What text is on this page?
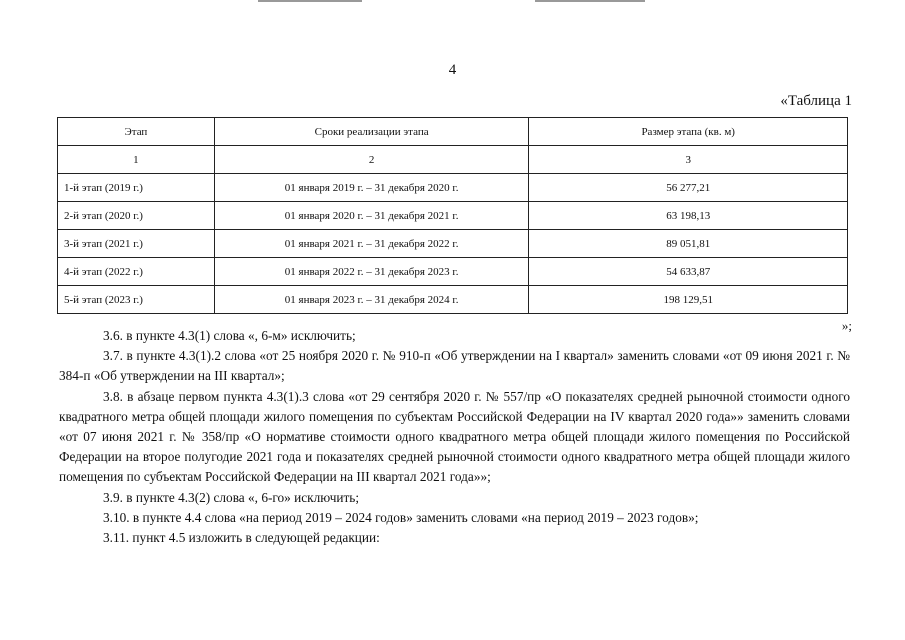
4
«Таблица 1
Этап	Сроки реализации этапа	Размер этапа (кв. м)
1	2	3
1-й этап (2019 г.)	01 января 2019 г. – 31 декабря 2020 г.	56 277,21
2-й этап (2020 г.)	01 января 2020 г. – 31 декабря 2021 г.	63 198,13
3-й этап (2021 г.)	01 января 2021 г. – 31 декабря 2022 г.	89 051,81
4-й этап (2022 г.)	01 января 2022 г. – 31 декабря 2023 г.	54 633,87
5-й этап (2023 г.)	01 января 2023 г. – 31 декабря 2024 г.	198 129,51
»;

3.6. в пункте 4.3(1) слова «, 6-м» исключить;

3.7. в пункте 4.3(1).2 слова «от 25 ноября 2020 г. № 910-п «Об утверждении на I квартал» заменить словами «от 09 июня 2021 г. № 384-п «Об утверждении на III квартал»;

3.8. в абзаце первом пункта 4.3(1).3 слова «от 29 сентября 2020 г. № 557/пр «О показателях средней рыночной стоимости одного квадратного метра общей площади жилого помещения по субъектам Российской Федерации на IV квартал 2020 года»» заменить словами «от 07 июня 2021 г. № 358/пр «О нормативе стоимости одного квадратного метра общей площади жилого помещения по Российской Федерации на второе полугодие 2021 года и показателях средней рыночной стоимости одного квадратного метра общей площади жилого помещения по субъектам Российской Федерации на III квартал 2021 года»»;

3.9. в пункте 4.3(2) слова «, 6-го» исключить;

3.10. в пункте 4.4 слова «на период 2019 – 2024 годов» заменить словами «на период 2019 – 2023 годов»;

3.11. пункт 4.5 изложить в следующей редакции:
